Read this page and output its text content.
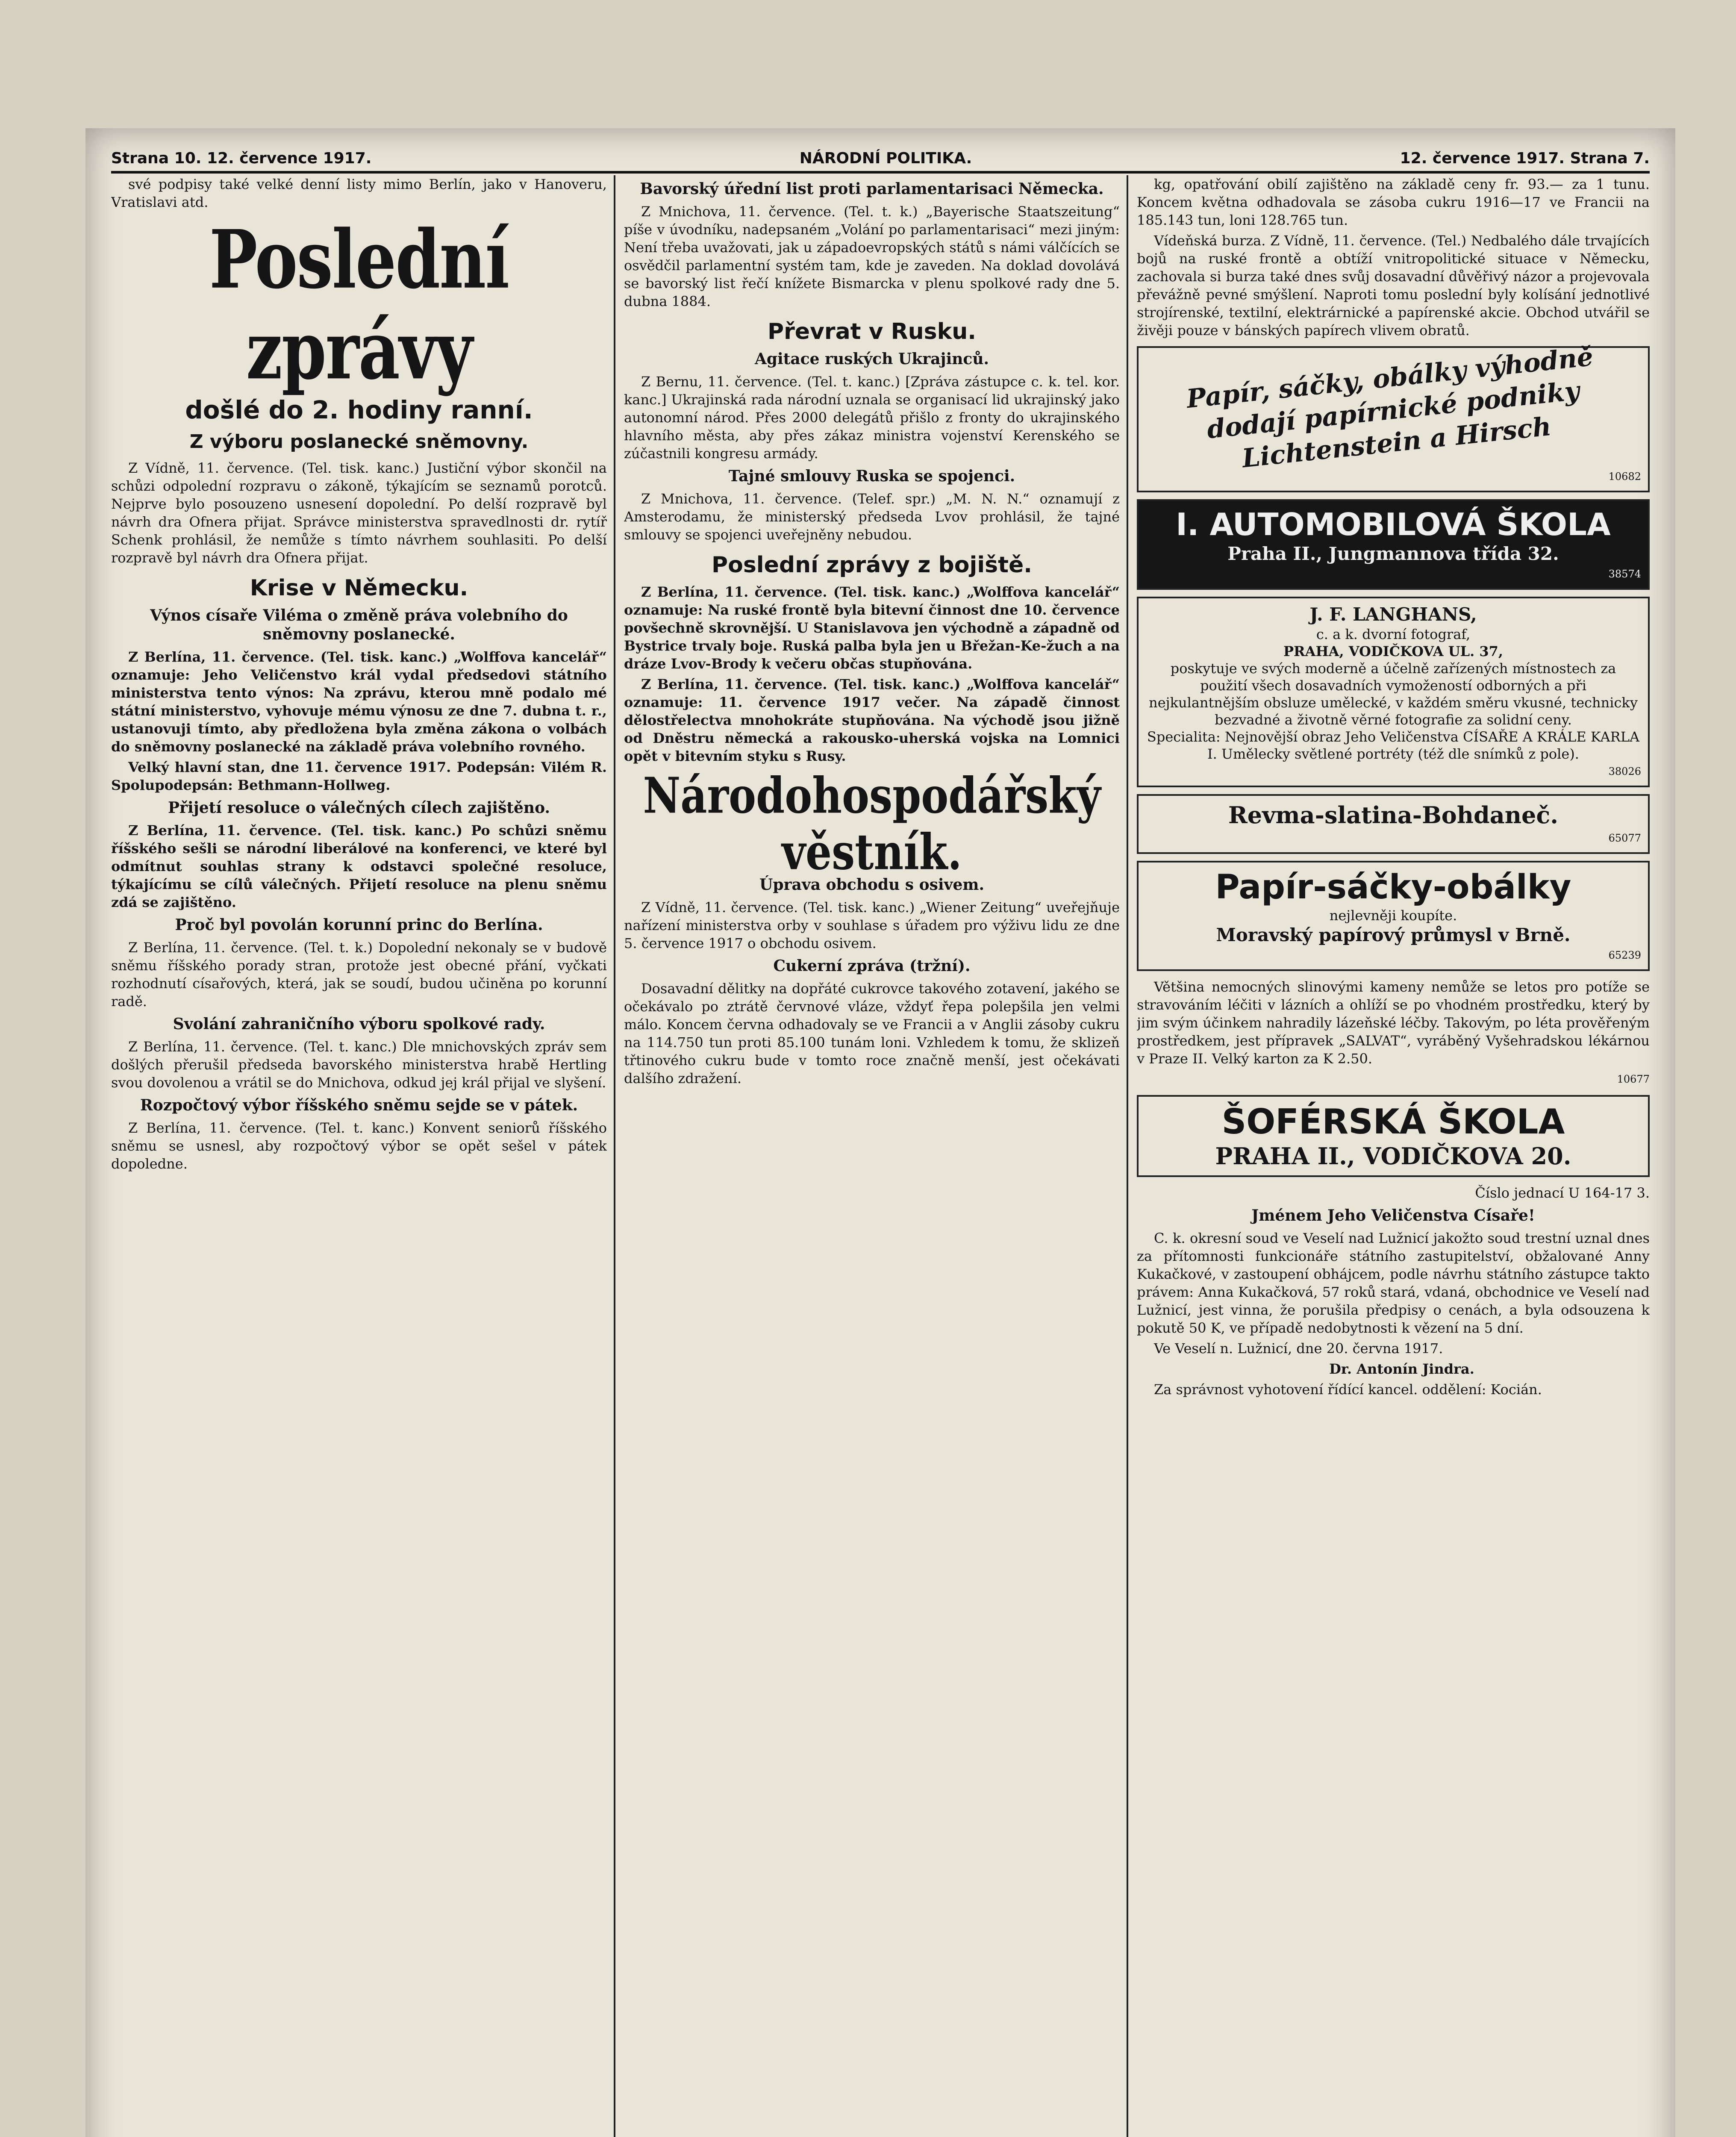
Strana 10. 12. července 1917.	NÁRODNÍ POLITIKA.	12. července 1917. Strana 7.

své podpisy také velké denní listy mimo Berlín, jako v Hanoveru, Vratislavi atd.

Poslední zprávy
došlé do 2. hodiny ranní.
Z výboru poslanecké sněmovny.

Z Vídně, 11. července. (Tel. tisk. kanc.) Justiční výbor skončil na schůzi odpolední rozpravu o zákoně, týkajícím se seznamů porotců. Nejprve bylo posouzeno usnesení dopolední. Po delší rozpravě byl návrh dra Ofnera přijat. Správce ministerstva spravedlnosti dr. rytíř Schenk prohlásil, že nemůže s tímto návrhem souhlasiti. Po delší rozpravě byl návrh dra Ofnera přijat.

Krise v Německu.
Výnos císaře Viléma o změně práva volebního do sněmovny poslanecké.

Z Berlína, 11. července. (Tel. tisk. kanc.) „Wolffova kancelář“ oznamuje: Jeho Veličenstvo král vydal předsedovi státního ministerstva tento výnos: Na zprávu, kterou mně podalo mé státní ministerstvo, vyhovuje mému výnosu ze dne 7. dubna t. r., ustanovuji tímto, aby předložena byla změna zákona o volbách do sněmovny poslanecké na základě práva volebního rovného.

Velký hlavní stan, dne 11. července 1917. Podepsán: Vilém R. Spolupodepsán: Bethmann-Hollweg.

Přijetí resoluce o válečných cílech zajištěno.

Z Berlína, 11. července. (Tel. tisk. kanc.) Po schůzi sněmu říšského sešli se národní liberálové na konferenci, ve které byl odmítnut souhlas strany k odstavci společné resoluce, týkajícímu se cílů válečných. Přijetí resoluce na plenu sněmu zdá se zajištěno.

Proč byl povolán korunní princ do Berlína.

Z Berlína, 11. července. (Tel. t. k.) Dopolední nekonaly se v budově sněmu říšského porady stran, protože jest obecné přání, vyčkati rozhodnutí císařových, která, jak se soudí, budou učiněna po korunní radě.

Svolání zahraničního výboru spolkové rady.

Z Berlína, 11. července. (Tel. t. kanc.) Dle mnichovských zpráv sem došlých přerušil předseda bavorského ministerstva hrabě Hertling svou dovolenou a vrátil se do Mnichova, odkud jej král přijal ve slyšení.

Rozpočtový výbor říšského sněmu sejde se v pátek.

Z Berlína, 11. července. (Tel. t. kanc.) Konvent seniorů říšského sněmu se usnesl, aby rozpočtový výbor se opět sešel v pátek dopoledne.

Bavorský úřední list proti parlamentarisaci Německa.

Z Mnichova, 11. července. (Tel. t. k.) „Bayerische Staatszeitung“ píše v úvodníku, nadepsaném „Volání po parlamentarisaci“ mezi jiným: Není třeba uvažovati, jak u západoevropských států s námi válčících se osvědčil parlamentní systém tam, kde je zaveden. Na doklad dovolává se bavorský list řečí knížete Bismarcka v plenu spolkové rady dne 5. dubna 1884.

Převrat v Rusku.
Agitace ruských Ukrajinců.

Z Bernu, 11. července. (Tel. t. kanc.) [Zpráva zástupce c. k. tel. kor. kanc.] Ukrajinská rada národní uznala se organisací lid ukrajinský jako autonomní národ. Přes 2000 delegátů přišlo z fronty do ukrajinského hlavního města, aby přes zákaz ministra vojenství Kerenského se zúčastnili kongresu armády.

Tajné smlouvy Ruska se spojenci.

Z Mnichova, 11. července. (Telef. spr.) „M. N. N.“ oznamují z Amsterodamu, že ministerský předseda Lvov prohlásil, že tajné smlouvy se spojenci uveřejněny nebudou.

Poslední zprávy z bojiště.

Z Berlína, 11. července. (Tel. tisk. kanc.) „Wolffova kancelář“ oznamuje: Na ruské frontě byla bitevní činnost dne 10. července povšechně skrovnější. U Stanislavova jen východně a západně od Bystrice trvaly boje. Ruská palba byla jen u Břežan-Ke-žuch a na dráze Lvov-Brody k večeru občas stupňována.

Z Berlína, 11. července. (Tel. tisk. kanc.) „Wolffova kancelář“ oznamuje: 11. července 1917 večer. Na západě činnost dělostřelectva mnohokráte stupňována. Na východě jsou jižně od Dněstru německá a rakousko-uherská vojska na Lomnici opět v bitevním styku s Rusy.

Národohospodářský věstník.
Úprava obchodu s osivem.

Z Vídně, 11. července. (Tel. tisk. kanc.) „Wiener Zeitung“ uveřejňuje nařízení ministerstva orby v souhlase s úřadem pro výživu lidu ze dne 5. července 1917 o obchodu osivem.

Cukerní zpráva (tržní).

Dosavadní dělitky na dopřáté cukrovce takového zotavení, jakého se očekávalo po ztrátě červnové vláze, vždyť řepa polepšila jen velmi málo. Koncem června odhadovaly se ve Francii a v Anglii zásoby cukru na 114.750 tun proti 85.100 tunám loni. Vzhledem k tomu, že sklizeň třtinového cukru bude v tomto roce značně menší, jest očekávati dalšího zdražení.

kg, opatřování obilí zajištěno na základě ceny fr. 93.— za 1 tunu. Koncem května odhadovala se zásoba cukru 1916—17 ve Francii na 185.143 tun, loni 128.765 tun.

Vídeňská burza. Z Vídně, 11. července. (Tel.) Nedbalého dále trvajících bojů na ruské frontě a obtíží vnitropolitické situace v Německu, zachovala si burza také dnes svůj dosavadní důvěřivý názor a projevovala převážně pevné smýšlení. Naproti tomu poslední byly kolísání jednotlivé strojírenské, textilní, elektrárnické a papírenské akcie. Obchod utvářil se živěji pouze v bánských papírech vlivem obratů.

Papír, sáčky, obálky výhodně dodají papírnické podniky Lichtenstein a Hirsch

10682

I. AUTOMOBILOVÁ ŠKOLA
Praha II., Jungmannova třída 32.

38574

J. F. LANGHANS,
c. a k. dvorní fotograf,
PRAHA, VODIČKOVA UL. 37,
poskytuje ve svých moderně a účelně zařízených místnostech za použití všech dosavadních vymožeností odborných a při nejkulantnějším obsluze umělecké, v každém směru vkusné, technicky bezvadné a životně věrné fotografie za solidní ceny.
Specialita: Nejnovější obraz Jeho Veličenstva CÍSAŘE A KRÁLE KARLA I. Umělecky světlené portréty (též dle snímků z pole).

38026

Revma-slatina-Bohdaneč.

65077

Papír-sáčky-obálky
nejlevněji koupíte.
Moravský papírový průmysl v Brně.

65239

Většina nemocných slinovými kameny nemůže se letos pro potíže se stravováním léčiti v lázních a ohlíží se po vhodném prostředku, který by jim svým účinkem nahradily lázeňské léčby. Takovým, po léta prověřeným prostředkem, jest přípravek „SALVAT“, vyráběný Vyšehradskou lékárnou v Praze II. Velký karton za K 2.50.

10677

ŠOFÉRSKÁ ŠKOLA
PRAHA II., VODIČKOVA 20.

Číslo jednací U 164-17 3.

Jménem Jeho Veličenstva Císaře!

C. k. okresní soud ve Veselí nad Lužnicí jakožto soud trestní uznal dnes za přítomnosti funkcionáře státního zastupitelství, obžalované Anny Kukačkové, v zastoupení obhájcem, podle návrhu státního zástupce takto právem: Anna Kukačková, 57 roků stará, vdaná, obchodnice ve Veselí nad Lužnicí, jest vinna, že porušila předpisy o cenách, a byla odsouzena k pokutě 50 K, ve případě nedobytnosti k vězení na 5 dní.

Ve Veselí n. Lužnicí, dne 20. června 1917.

Dr. Antonín Jindra.

Za správnost vyhotovení řídící kancel. oddělení: Kocián.
